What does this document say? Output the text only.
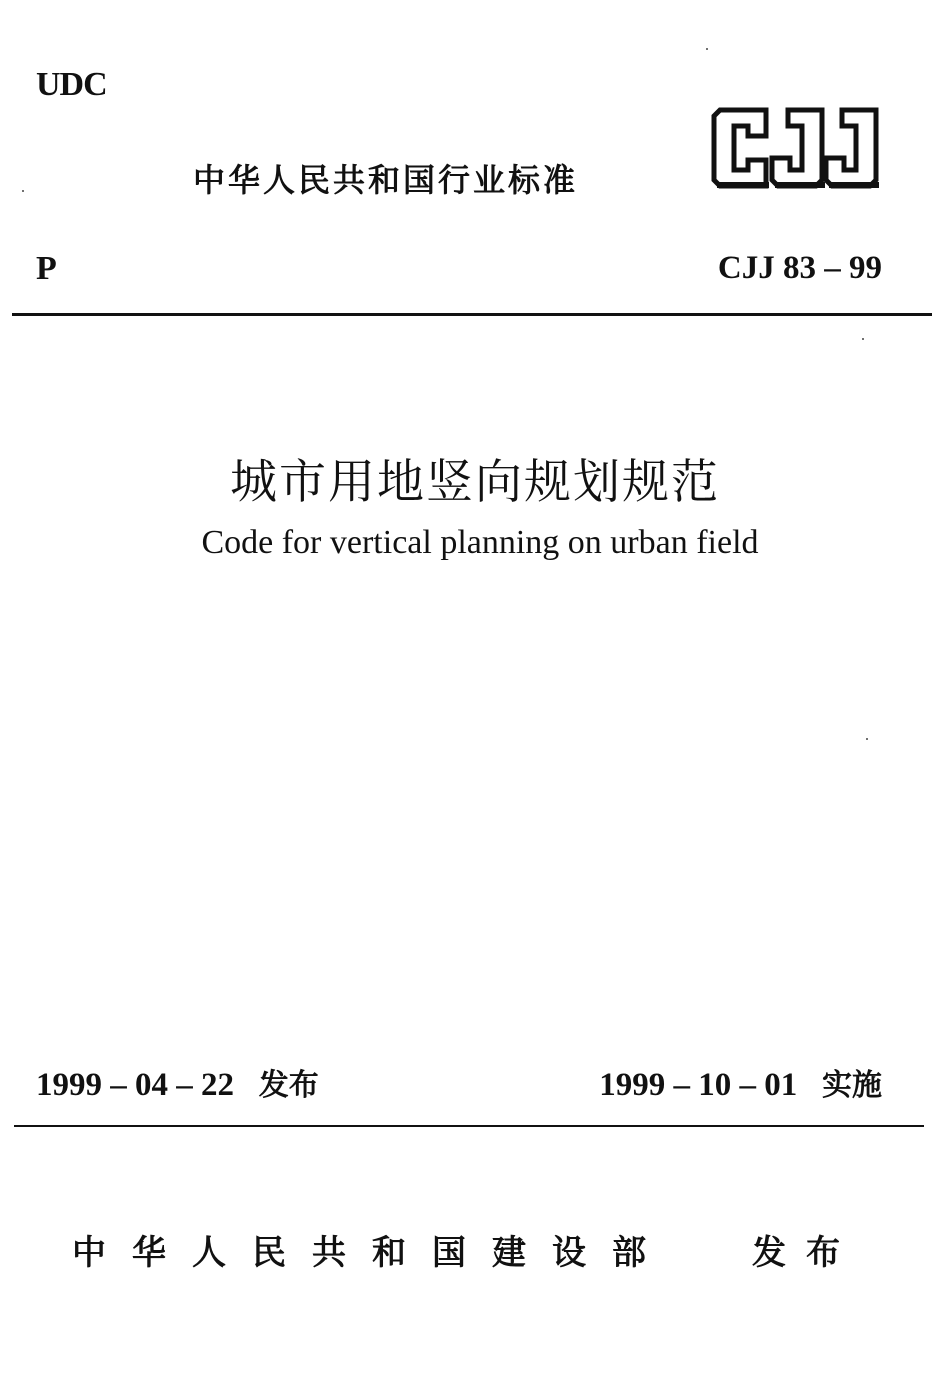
UDC
中华人民共和国行业标准
P	CJJ 83 – 99
城市用地竖向规划规范
Code for vertical planning on urban field
1999 – 04 – 22 发布	1999 – 10 – 01 实施
中华人民共和国建设部 发布
